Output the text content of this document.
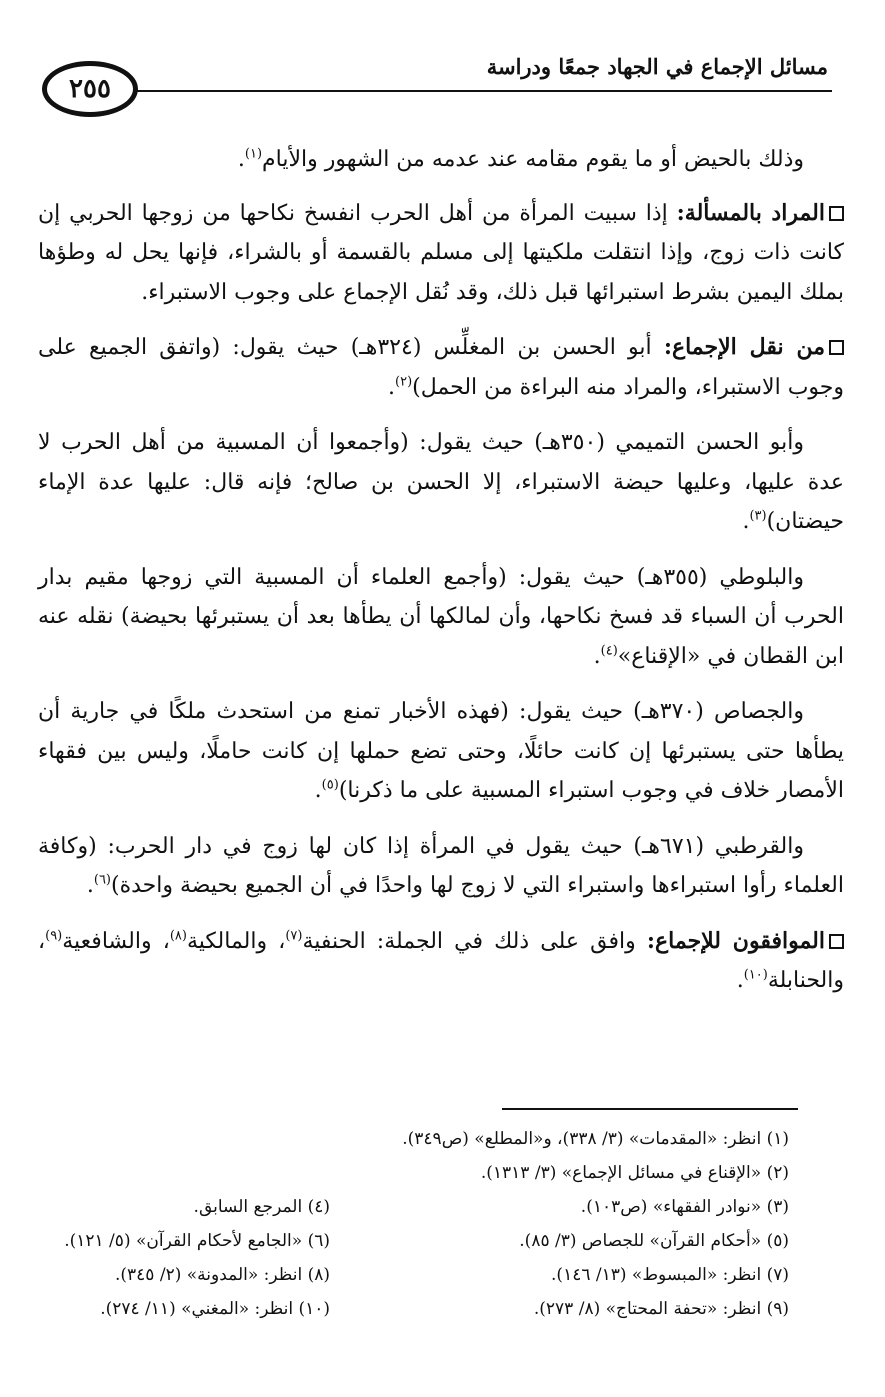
٢٥٥
مسائل الإجماع في الجهاد جمعًا ودراسة

وذلك بالحيض أو ما يقوم مقامه عند عدمه من الشهور والأيام$^{(١)}$.

المراد بالمسألة: إذا سبيت المرأة من أهل الحرب انفسخ نكاحها من زوجها الحربي إن كانت ذات زوج، وإذا انتقلت ملكيتها إلى مسلم بالقسمة أو بالشراء، فإنها يحل له وطؤها بملك اليمين بشرط استبرائها قبل ذلك، وقد نُقل الإجماع على وجوب الاستبراء.

من نقل الإجماع: أبو الحسن بن المغلِّس (٣٢٤هـ) حيث يقول: (واتفق الجميع على وجوب الاستبراء، والمراد منه البراءة من الحمل)$^{(٢)}$.

وأبو الحسن التميمي (٣٥٠هـ) حيث يقول: (وأجمعوا أن المسبية من أهل الحرب لا عدة عليها، وعليها حيضة الاستبراء، إلا الحسن بن صالح؛ فإنه قال: عليها عدة الإماء حيضتان)$^{(٣)}$.

والبلوطي (٣٥٥هـ) حيث يقول: (وأجمع العلماء أن المسبية التي زوجها مقيم بدار الحرب أن السباء قد فسخ نكاحها، وأن لمالكها أن يطأها بعد أن يستبرئها بحيضة) نقله عنه ابن القطان في «الإقناع»$^{(٤)}$.

والجصاص (٣٧٠هـ) حيث يقول: (فهذه الأخبار تمنع من استحدث ملكًا في جارية أن يطأها حتى يستبرئها إن كانت حائلًا، وحتى تضع حملها إن كانت حاملًا، وليس بين فقهاء الأمصار خلاف في وجوب استبراء المسبية على ما ذكرنا)$^{(٥)}$.

والقرطبي (٦٧١هـ) حيث يقول في المرأة إذا كان لها زوج في دار الحرب: (وكافة العلماء رأوا استبراءها واستبراء التي لا زوج لها واحدًا في أن الجميع بحيضة واحدة)$^{(٦)}$.

الموافقون للإجماع: وافق على ذلك في الجملة: الحنفية$^{(٧)}$، والمالكية$^{(٨)}$، والشافعية$^{(٩)}$، والحنابلة$^{(١٠)}$.

(١) انظر: «المقدمات» (٣/ ٣٣٨)، و«المطلع» (ص٣٤٩).
(٢) «الإقناع في مسائل الإجماع» (٣/ ١٣١٣).
(٣) «نوادر الفقهاء» (ص١٠٣).
(٥) «أحكام القرآن» للجصاص (٣/ ٨٥).
(٧) انظر: «المبسوط» (١٣/ ١٤٦).
(٩) انظر: «تحفة المحتاج» (٨/ ٢٧٣).
(٤) المرجع السابق.
(٦) «الجامع لأحكام القرآن» (٥/ ١٢١).
(٨) انظر: «المدونة» (٢/ ٣٤٥).
(١٠) انظر: «المغني» (١١/ ٢٧٤).
